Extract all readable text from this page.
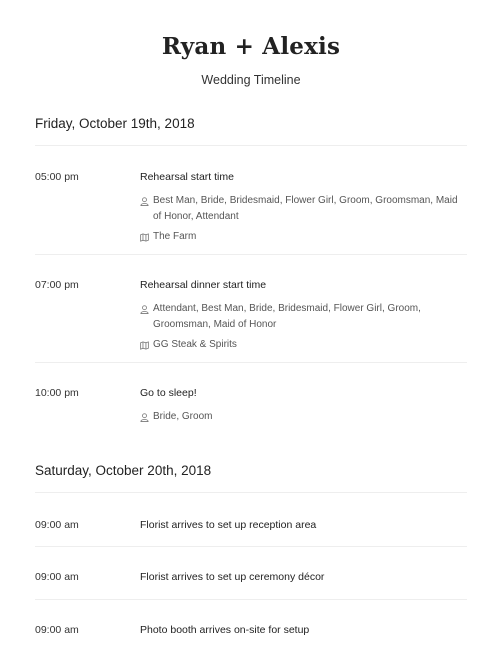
Ryan + Alexis
Wedding Timeline
Friday, October 19th, 2018
05:00 pm	Rehearsal start time
Best Man, Bride, Bridesmaid, Flower Girl, Groom, Groomsman, Maid of Honor, Attendant
The Farm
07:00 pm	Rehearsal dinner start time
Attendant, Best Man, Bride, Bridesmaid, Flower Girl, Groom, Groomsman, Maid of Honor
GG Steak & Spirits
10:00 pm	Go to sleep!
Bride, Groom
Saturday, October 20th, 2018
09:00 am	Florist arrives to set up reception area
09:00 am	Florist arrives to set up ceremony décor
09:00 am	Photo booth arrives on-site for setup
